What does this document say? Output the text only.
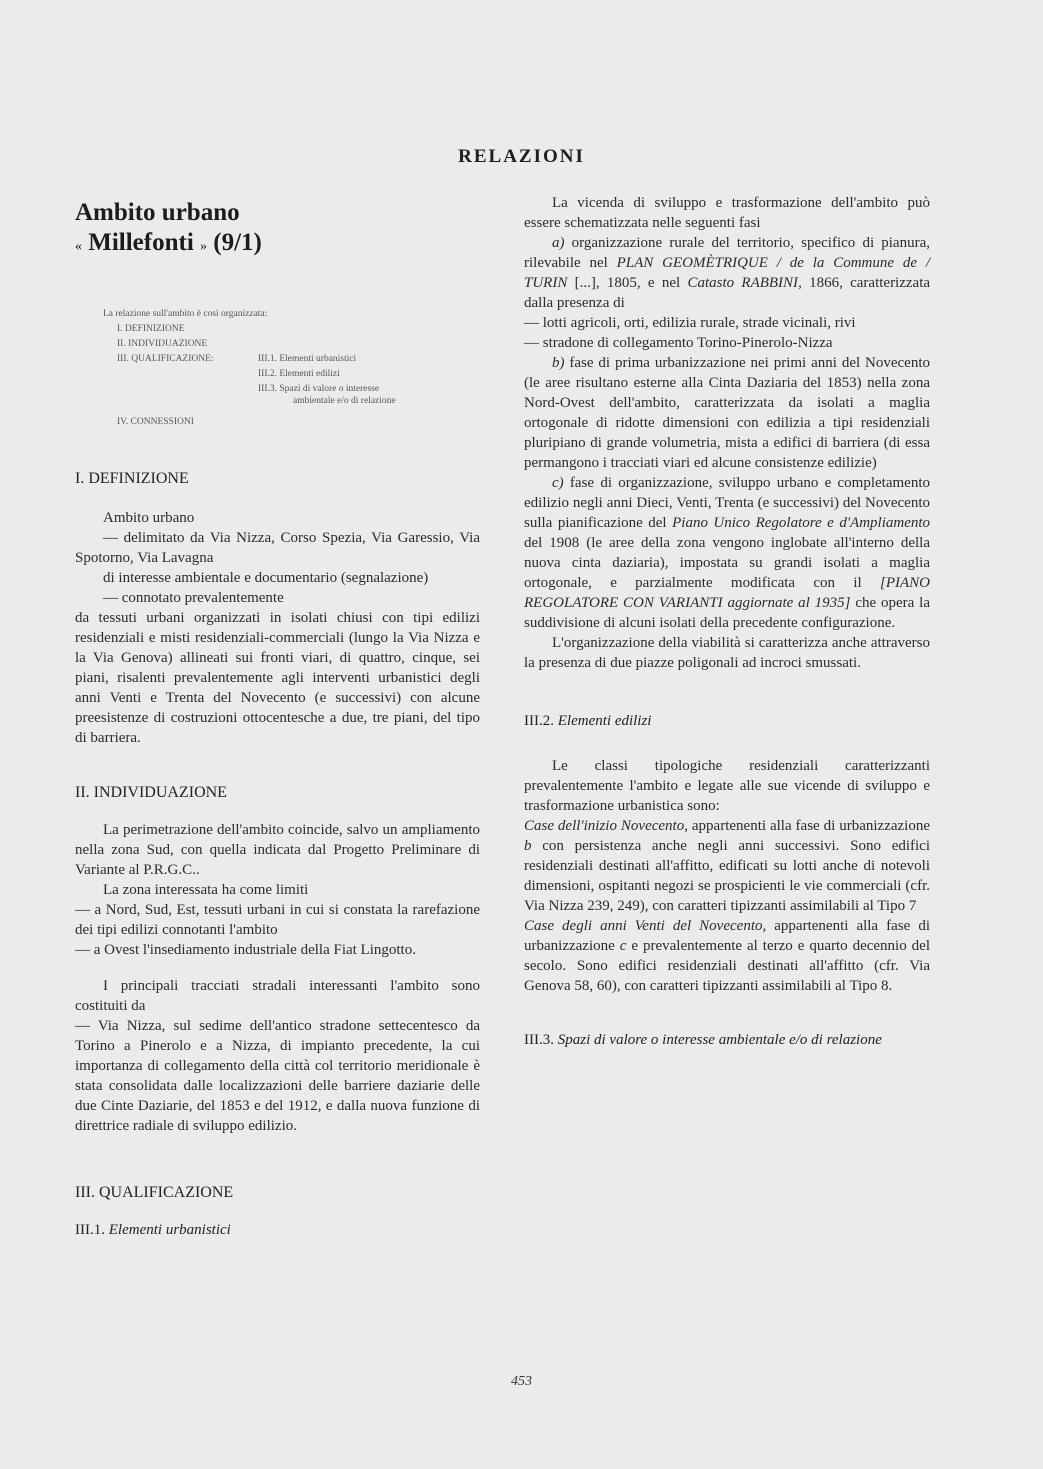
RELAZIONI
Ambito urbano
« Millefonti » (9/1)
La relazione sull'ambito è così organizzata:
I. DEFINIZIONE
II. INDIVIDUAZIONE
III. QUALIFICAZIONE:
IV. CONNESSIONI
III.1. Elementi urbanistici
III.2. Elementi edilizi
III.3. Spazi di valore o interesse
ambientale e/o di relazione
I. DEFINIZIONE

Ambito urbano

— delimitato da Via Nizza, Corso Spezia, Via Garessio, Via Spotorno, Via Lavagna

di interesse ambientale e documentario (segnalazione)

— connotato prevalentemente

da tessuti urbani organizzati in isolati chiusi con tipi edilizi residenziali e misti residenziali-commerciali (lungo la Via Nizza e la Via Genova) allineati sui fronti viari, di quattro, cinque, sei piani, risalenti prevalentemente agli interventi urbanistici degli anni Venti e Trenta del Novecento (e successivi) con alcune preesistenze di costruzioni ottocentesche a due, tre piani, del tipo di barriera.

II. INDIVIDUAZIONE

La perimetrazione dell'ambito coincide, salvo un ampliamento nella zona Sud, con quella indicata dal Progetto Preliminare di Variante al P.R.G.C..

La zona interessata ha come limiti

— a Nord, Sud, Est, tessuti urbani in cui si constata la rarefazione dei tipi edilizi connotanti l'ambito

— a Ovest l'insediamento industriale della Fiat Lingotto.

I principali tracciati stradali interessanti l'ambito sono costituiti da

— Via Nizza, sul sedime dell'antico stradone settecentesco da Torino a Pinerolo e a Nizza, di impianto precedente, la cui importanza di collegamento della città col territorio meridionale è stata consolidata dalle localizzazioni delle barriere daziarie delle due Cinte Daziarie, del 1853 e del 1912, e dalla nuova funzione di direttrice radiale di sviluppo edilizio.

III. QUALIFICAZIONE

III.1. Elementi urbanistici

La vicenda di sviluppo e trasformazione dell'ambito può essere schematizzata nelle seguenti fasi

a) organizzazione rurale del territorio, specifico di pianura, rilevabile nel PLAN GEOMÈTRIQUE / de la Commune de / TURIN [...], 1805, e nel Catasto RABBINI, 1866, caratterizzata dalla presenza di

— lotti agricoli, orti, edilizia rurale, strade vicinali, rivi

— stradone di collegamento Torino-Pinerolo-Nizza

b) fase di prima urbanizzazione nei primi anni del Novecento (le aree risultano esterne alla Cinta Daziaria del 1853) nella zona Nord-Ovest dell'ambito, caratterizzata da isolati a maglia ortogonale di ridotte dimensioni con edilizia a tipi residenziali pluripiano di grande volumetria, mista a edifici di barriera (di essa permangono i tracciati viari ed alcune consistenze edilizie)

c) fase di organizzazione, sviluppo urbano e completamento edilizio negli anni Dieci, Venti, Trenta (e successivi) del Novecento sulla pianificazione del Piano Unico Regolatore e d'Ampliamento del 1908 (le aree della zona vengono inglobate all'interno della nuova cinta daziaria), impostata su grandi isolati a maglia ortogonale, e parzialmente modificata con il [PIANO REGOLATORE CON VARIANTI aggiornate al 1935] che opera la suddivisione di alcuni isolati della precedente configurazione.

L'organizzazione della viabilità si caratterizza anche attraverso la presenza di due piazze poligonali ad incroci smussati.

III.2. Elementi edilizi

Le classi tipologiche residenziali caratterizzanti prevalentemente l'ambito e legate alle sue vicende di sviluppo e trasformazione urbanistica sono:

Case dell'inizio Novecento, appartenenti alla fase di urbanizzazione b con persistenza anche negli anni successivi. Sono edifici residenziali destinati all'affitto, edificati su lotti anche di notevoli dimensioni, ospitanti negozi se prospicienti le vie commerciali (cfr. Via Nizza 239, 249), con caratteri tipizzanti assimilabili al Tipo 7

Case degli anni Venti del Novecento, appartenenti alla fase di urbanizzazione c e prevalentemente al terzo e quarto decennio del secolo. Sono edifici residenziali destinati all'affitto (cfr. Via Genova 58, 60), con caratteri tipizzanti assimilabili al Tipo 8.

III.3. Spazi di valore o interesse ambientale e/o di relazione

453
